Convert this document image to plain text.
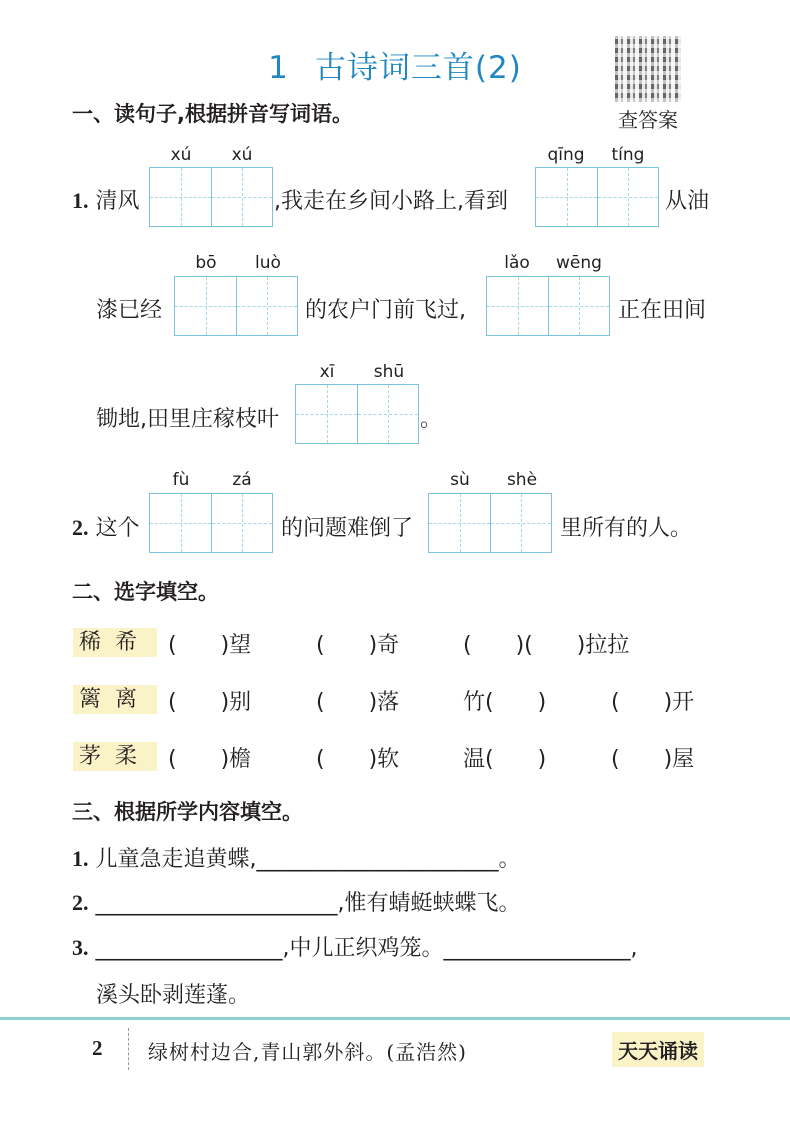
1 古诗词三首(2)
查答案
一、读句子,根据拼音写词语。
1. 清风
xú	xú
,我走在乡间小路上,看到
qīng	tíng
从油
漆已经
bō	luò
的农户门前飞过,
lǎo	wēng
正在田间
锄地,田里庄稼枝叶
xī	shū
。
2. 这个
fù	zá
的问题难倒了
sù	shè
里所有的人。
二、选字填空。
稀希 (　　)望	(　　)奇	(　　)(　　)拉拉
篱离 (　　)别	(　　)落	竹(　　)	(　　)开
茅柔 (　　)檐	(　　)软	温(　　)	(　　)屋
三、根据所学内容填空。
1. 儿童急走追黄蝶,______________________。
2. ______________________,惟有蜻蜓蛱蝶飞。
3. _________________,中儿正织鸡笼。_________________,
溪头卧剥莲蓬。
2 绿树村边合,青山郭外斜。(孟浩然)	天天诵读
